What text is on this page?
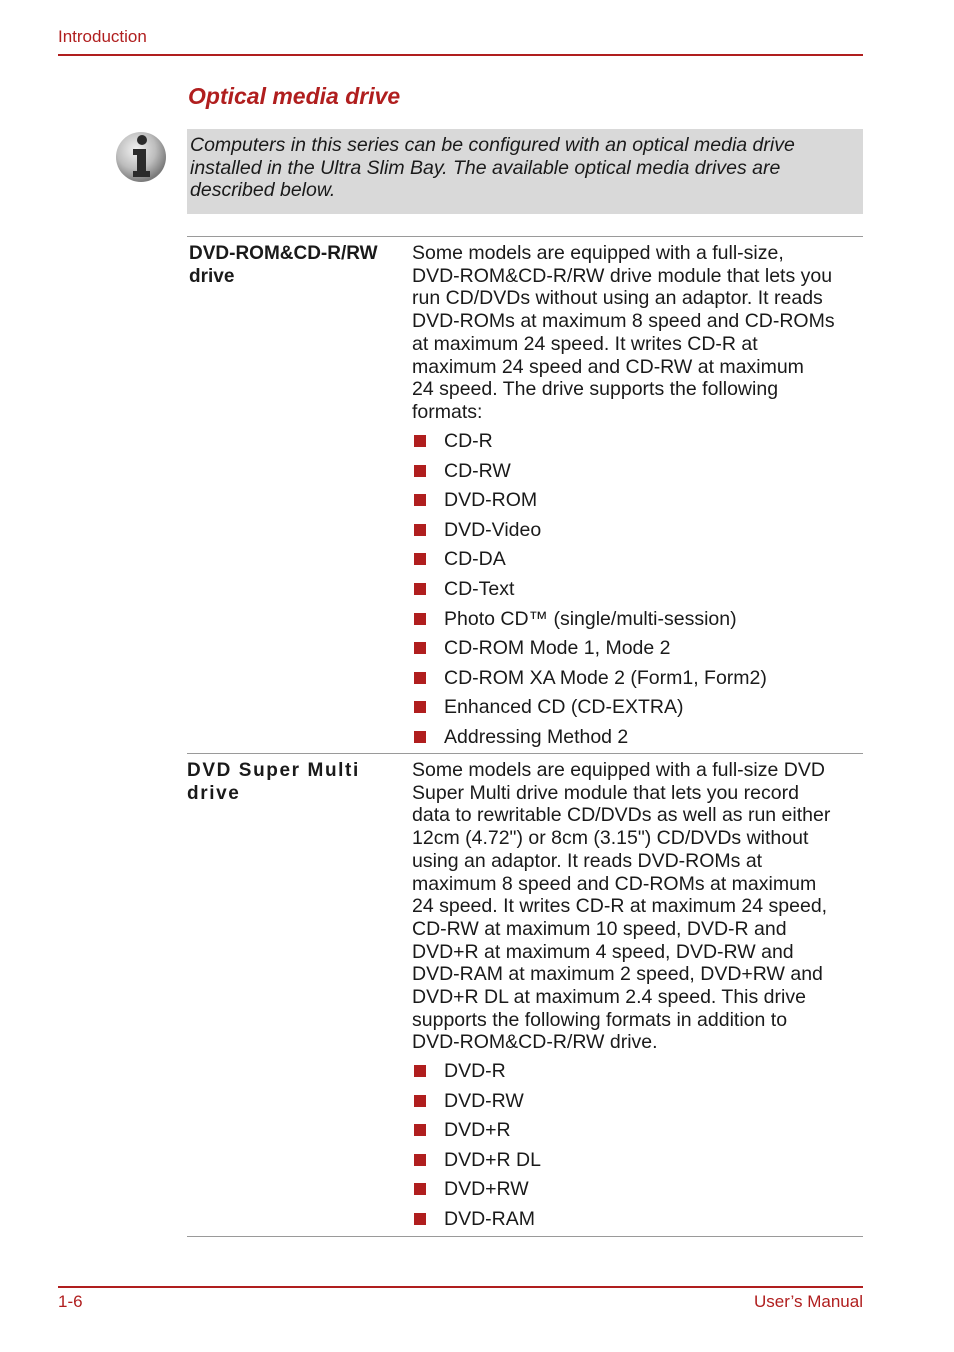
Introduction
Optical media drive
Computers in this series can be configured with an optical media drive
installed in the Ultra Slim Bay. The available optical media drives are
described below.
DVD-ROM&CD-R/RW
drive
Some models are equipped with a full-size,
DVD-ROM&CD-R/RW drive module that lets you
run CD/DVDs without using an adaptor. It reads
DVD-ROMs at maximum 8 speed and CD-ROMs
at maximum 24 speed. It writes CD-R at
maximum 24 speed and CD-RW at maximum
24 speed. The drive supports the following
formats:
CD-R
CD-RW
DVD-ROM
DVD-Video
CD-DA
CD-Text
Photo CD™ (single/multi-session)
CD-ROM Mode 1, Mode 2
CD-ROM XA Mode 2 (Form1, Form2)
Enhanced CD (CD-EXTRA)
Addressing Method 2
DVD Super Multi
drive
Some models are equipped with a full-size DVD
Super Multi drive module that lets you record
data to rewritable CD/DVDs as well as run either
12cm (4.72") or 8cm (3.15") CD/DVDs without
using an adaptor. It reads DVD-ROMs at
maximum 8 speed and CD-ROMs at maximum
24 speed. It writes CD-R at maximum 24 speed,
CD-RW at maximum 10 speed, DVD-R and
DVD+R at maximum 4 speed, DVD-RW and
DVD-RAM at maximum 2 speed, DVD+RW and
DVD+R DL at maximum 2.4 speed. This drive
supports the following formats in addition to
DVD-ROM&CD-R/RW drive.
DVD-R
DVD-RW
DVD+R
DVD+R DL
DVD+RW
DVD-RAM
1-6	User’s Manual
